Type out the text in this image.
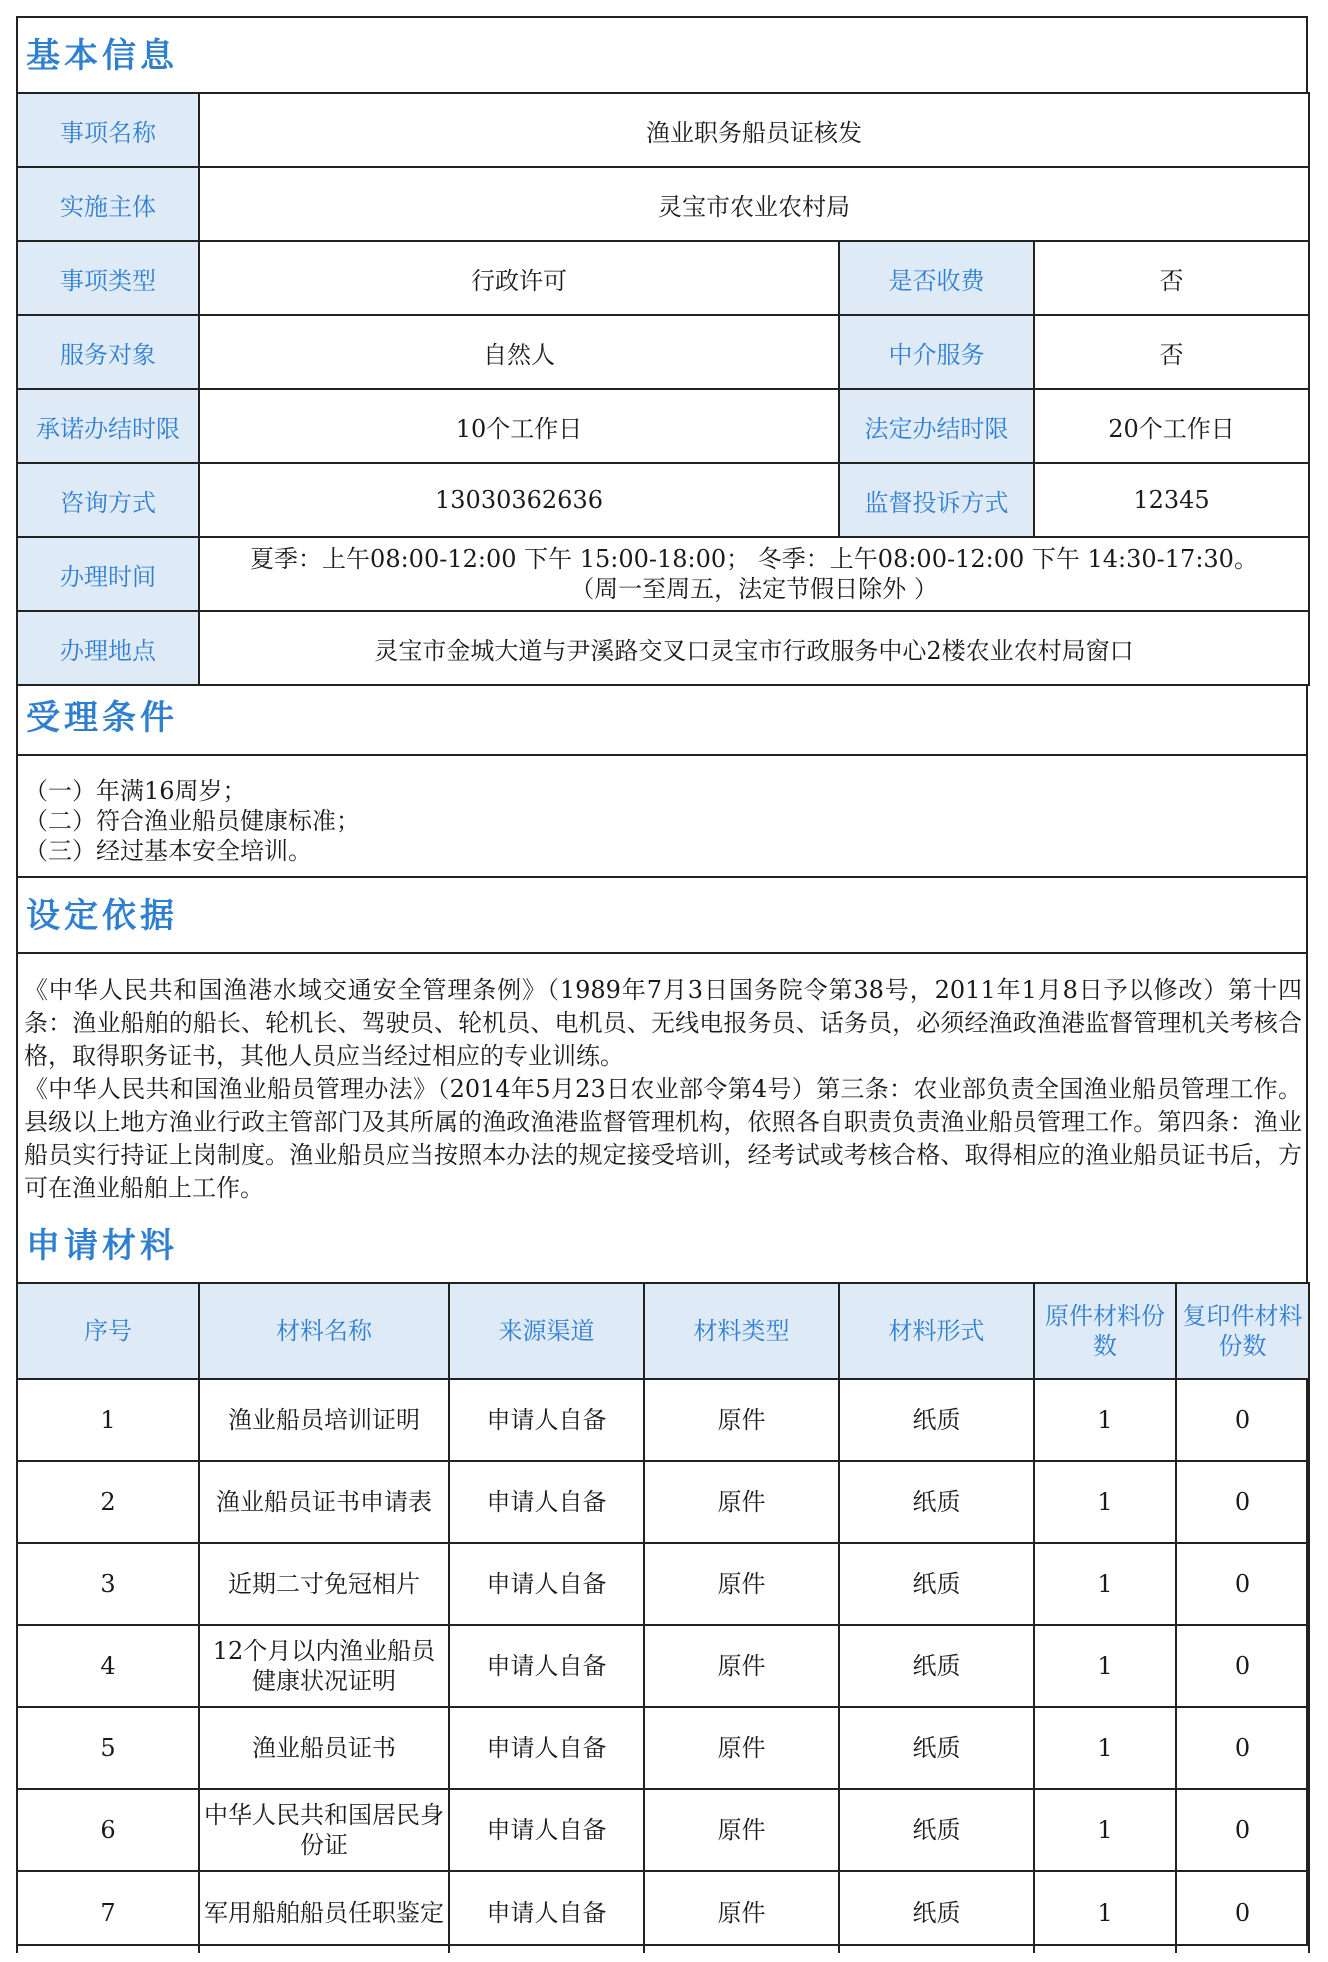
基本信息
事项名称	渔业职务船员证核发		
实施主体	灵宝市农业农村局		
事项类型	行政许可	是否收费	否
服务对象	自然人	中介服务	否
承诺办结时限	10个工作日	法定办结时限	20个工作日
咨询方式	13030362636	监督投诉方式	12345
办理时间	夏季：上午08:00-12:00 下午 15:00-18:00； 冬季：上午08:00-12:00 下午 14:30-17:30。
（周一至周五，法定节假日除外 ）		

办理地点	灵宝市金城大道与尹溪路交叉口灵宝市行政服务中心2楼农业农村局窗口		
受理条件

（一）年满16周岁；

（二）符合渔业船员健康标准；

（三）经过基本安全培训。

设定依据

《中华人民共和国渔港水域交通安全管理条例》（1989年7月3日国务院令第38号，2011年1月8日予以修改）第十四条：渔业船舶的船长、轮机长、驾驶员、轮机员、电机员、无线电报务员、话务员，必须经渔政渔港监督管理机关考核合格，取得职务证书，其他人员应当经过相应的专业训练。

《中华人民共和国渔业船员管理办法》（2014年5月23日农业部令第4号）第三条：农业部负责全国渔业船员管理工作。县级以上地方渔业行政主管部门及其所属的渔政渔港监督管理机构，依照各自职责负责渔业船员管理工作。第四条：渔业船员实行持证上岗制度。渔业船员应当按照本办法的规定接受培训，经考试或考核合格、取得相应的渔业船员证书后，方可在渔业船舶上工作。

申请材料
序号	材料名称	来源渠道	材料类型	材料形式	原件材料份数	复印件材料份数
1	渔业船员培训证明	申请人自备	原件	纸质	1	0
2	渔业船员证书申请表	申请人自备	原件	纸质	1	0
3	近期二寸免冠相片	申请人自备	原件	纸质	1	0
4	12个月以内渔业船员健康状况证明	申请人自备	原件	纸质	1	0
5	渔业船员证书	申请人自备	原件	纸质	1	0
6	中华人民共和国居民身份证	申请人自备	原件	纸质	1	0
7	军用船舶船员任职鉴定	申请人自备	原件	纸质	1	0
